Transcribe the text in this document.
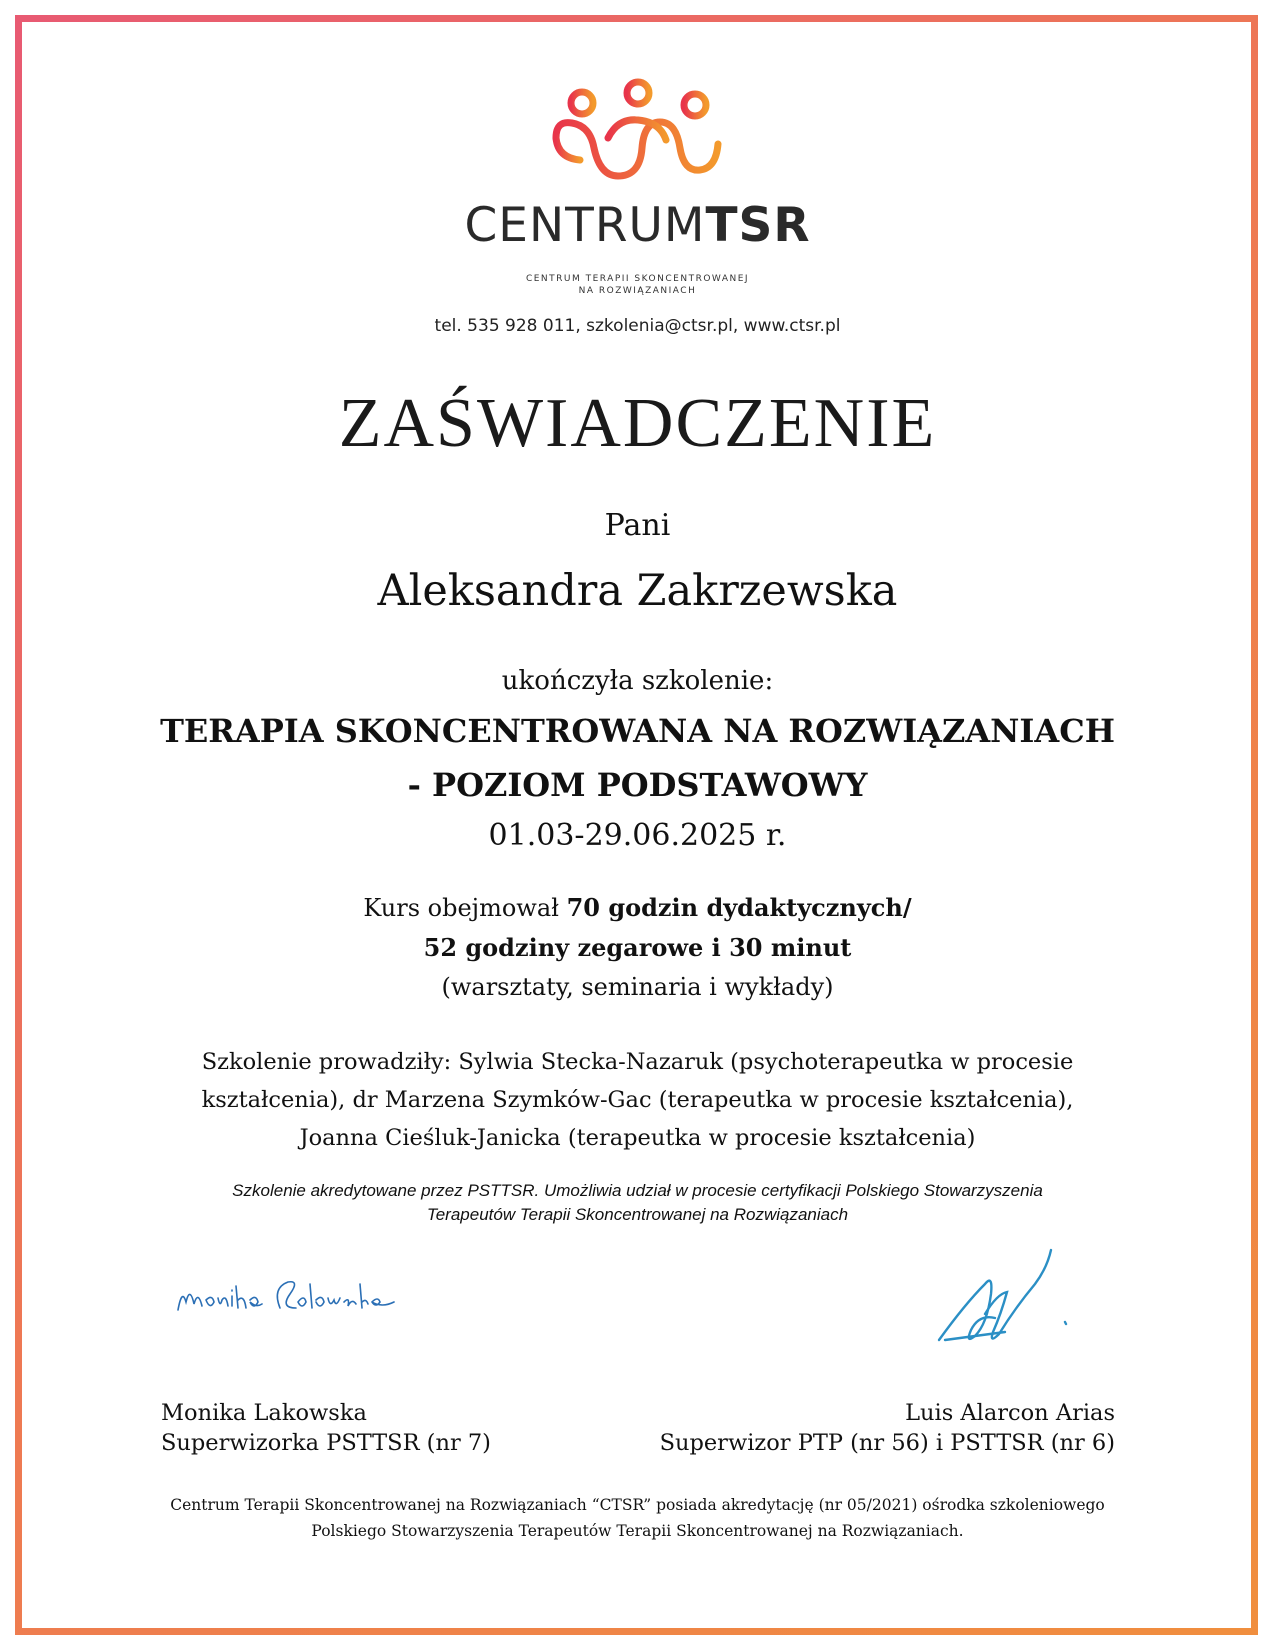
CENTRUMTSR
CENTRUM TERAPII SKONCENTROWANEJ
NA ROZWIĄZANIACH
tel. 535 928 011, szkolenia@ctsr.pl, www.ctsr.pl
ZAŚWIADCZENIE
Pani
Aleksandra Zakrzewska
ukończyła szkolenie:
TERAPIA SKONCENTROWANA NA ROZWIĄZANIACH
- POZIOM PODSTAWOWY
01.03-29.06.2025 r.
Kurs obejmował 70 godzin dydaktycznych/
52 godziny zegarowe i 30 minut
(warsztaty, seminaria i wykłady)
Szkolenie prowadziły: Sylwia Stecka-Nazaruk (psychoterapeutka w procesie
kształcenia), dr Marzena Szymków-Gac (terapeutka w procesie kształcenia),
Joanna Cieśluk-Janicka (terapeutka w procesie kształcenia)
Szkolenie akredytowane przez PSTTSR. Umożliwia udział w procesie certyfikacji Polskiego Stowarzyszenia
Terapeutów Terapii Skoncentrowanej na Rozwiązaniach
Monika Lakowska
Superwizorka PSTTSR (nr 7)
Luis Alarcon Arias
Superwizor PTP (nr 56) i PSTTSR (nr 6)
Centrum Terapii Skoncentrowanej na Rozwiązaniach “CTSR” posiada akredytację (nr 05/2021) ośrodka szkoleniowego
Polskiego Stowarzyszenia Terapeutów Terapii Skoncentrowanej na Rozwiązaniach.
